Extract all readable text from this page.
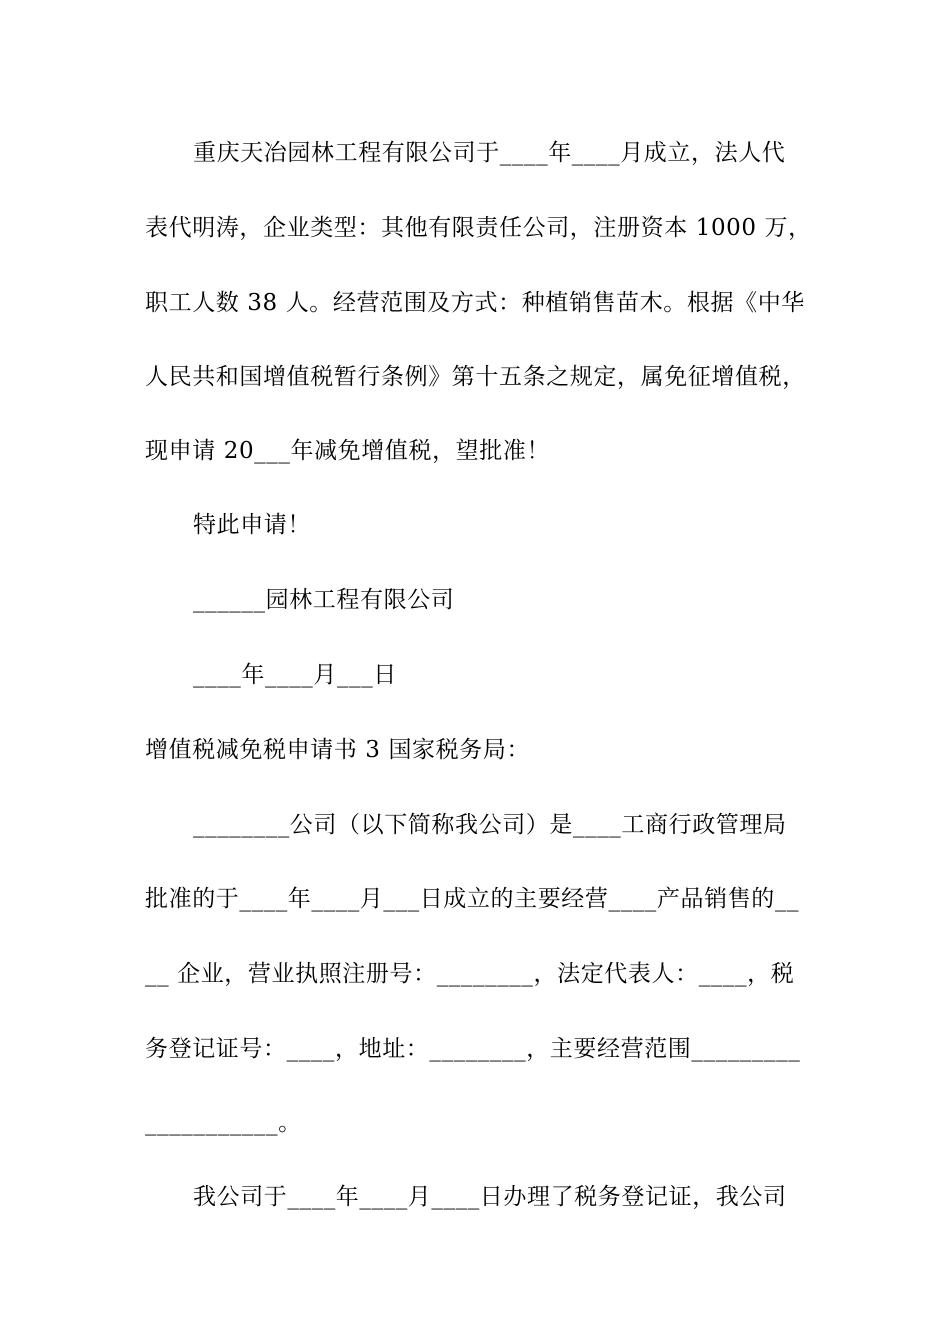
重庆天冶园林工程有限公司于____年____月成立，法人代
表代明涛，企业类型：其他有限责任公司，注册资本 1000 万，
职工人数 38 人。经营范围及方式：种植销售苗木。根据《中华
人民共和国增值税暂行条例》第十五条之规定，属免征增值税，
现申请 20___年减免增值税，望批准！
特此申请！
______园林工程有限公司
____年____月___日
增值税减免税申请书 3 国家税务局：
________公司（以下简称我公司）是____工商行政管理局
批准的于____年____月___日成立的主要经营____产品销售的__
__ 企业，营业执照注册号：________，法定代表人：____，税
务登记证号：____，地址：________，主要经营范围_________
___________。
我公司于____年____月____日办理了税务登记证，我公司
